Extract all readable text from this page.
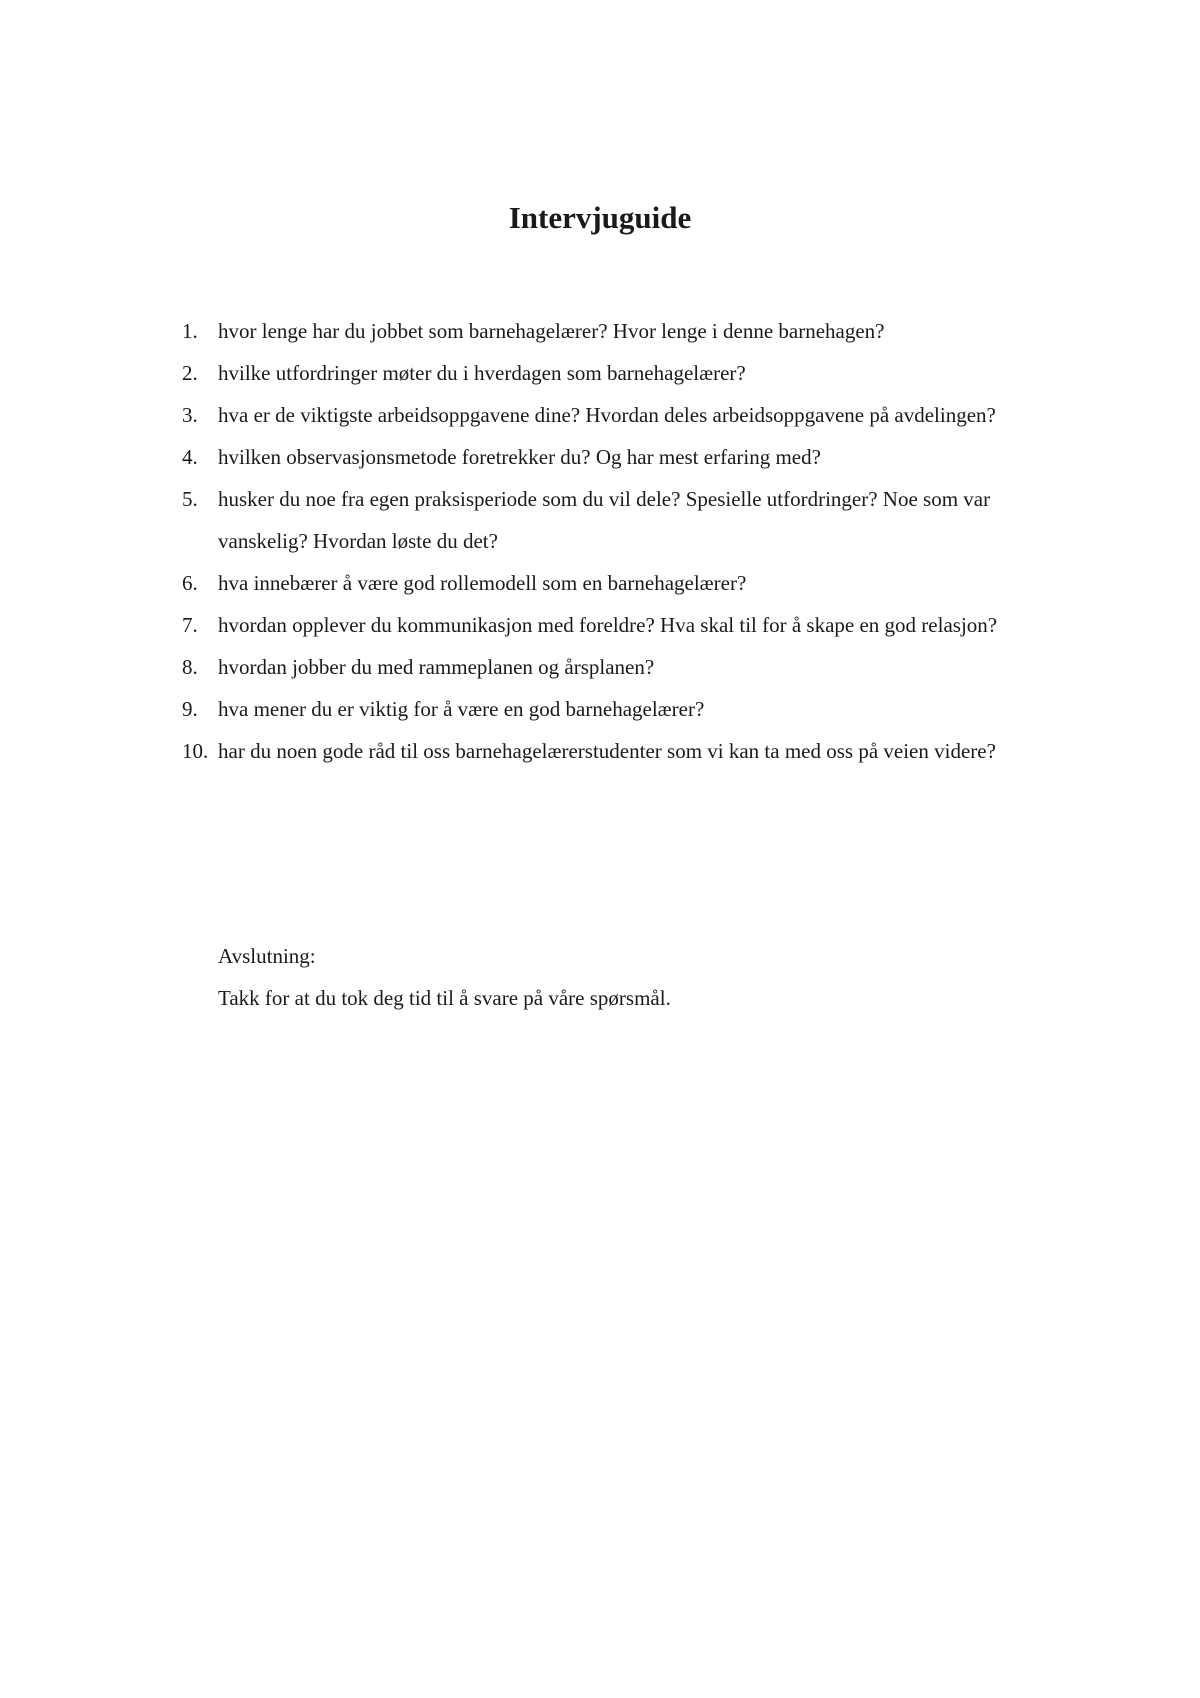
Intervjuguide
1. hvor lenge har du jobbet som barnehagelærer? Hvor lenge i denne barnehagen?
2. hvilke utfordringer møter du i hverdagen som barnehagelærer?
3. hva er de viktigste arbeidsoppgavene dine? Hvordan deles arbeidsoppgavene på avdelingen?
4. hvilken observasjonsmetode foretrekker du? Og har mest erfaring med?
5. husker du noe fra egen praksisperiode som du vil dele? Spesielle utfordringer? Noe som var vanskelig? Hvordan løste du det?
6. hva innebærer å være god rollemodell som en barnehagelærer?
7. hvordan opplever du kommunikasjon med foreldre? Hva skal til for å skape en god relasjon?
8. hvordan jobber du med rammeplanen og årsplanen?
9. hva mener du er viktig for å være en god barnehagelærer?
10. har du noen gode råd til oss barnehagelærerstudenter som vi kan ta med oss på veien videre?
Avslutning:
Takk for at du tok deg tid til å svare på våre spørsmål.
